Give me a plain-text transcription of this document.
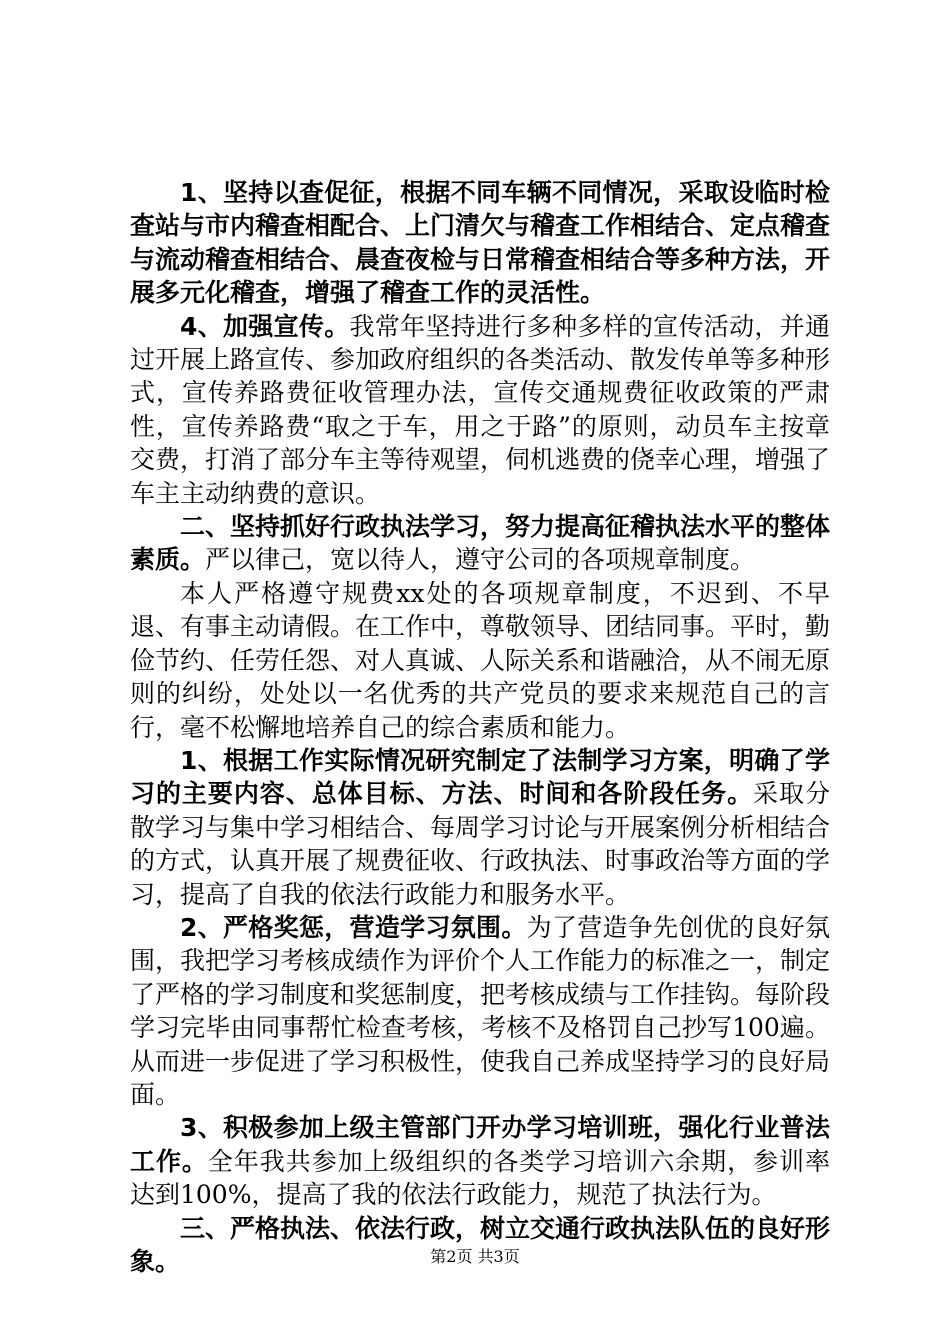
1、坚持以查促征，根据不同车辆不同情况，采取设临时检查站与市内稽查相配合、上门清欠与稽查工作相结合、定点稽查与流动稽查相结合、晨查夜检与日常稽查相结合等多种方法，开展多元化稽查，增强了稽查工作的灵活性。

4、加强宣传。我常年坚持进行多种多样的宣传活动，并通过开展上路宣传、参加政府组织的各类活动、散发传单等多种形式，宣传养路费征收管理办法，宣传交通规费征收政策的严肃性，宣传养路费“取之于车，用之于路”的原则，动员车主按章交费，打消了部分车主等待观望，伺机逃费的侥幸心理，增强了车主主动纳费的意识。

二、坚持抓好行政执法学习，努力提高征稽执法水平的整体素质。严以律己，宽以待人，遵守公司的各项规章制度。

本人严格遵守规费xx处的各项规章制度，不迟到、不早退、有事主动请假。在工作中，尊敬领导、团结同事。平时，勤俭节约、任劳任怨、对人真诚、人际关系和谐融洽，从不闹无原则的纠纷，处处以一名优秀的共产党员的要求来规范自己的言行，毫不松懈地培养自己的综合素质和能力。

1、根据工作实际情况研究制定了法制学习方案，明确了学习的主要内容、总体目标、方法、时间和各阶段任务。采取分散学习与集中学习相结合、每周学习讨论与开展案例分析相结合的方式，认真开展了规费征收、行政执法、时事政治等方面的学习，提高了自我的依法行政能力和服务水平。

2、严格奖惩，营造学习氛围。为了营造争先创优的良好氛围，我把学习考核成绩作为评价个人工作能力的标准之一，制定了严格的学习制度和奖惩制度，把考核成绩与工作挂钩。每阶段学习完毕由同事帮忙检查考核，考核不及格罚自己抄写100遍。从而进一步促进了学习积极性，使我自己养成坚持学习的良好局面。

3、积极参加上级主管部门开办学习培训班，强化行业普法工作。全年我共参加上级组织的各类学习培训六余期，参训率达到100%，提高了我的依法行政能力，规范了执法行为。

三、严格执法、依法行政，树立交通行政执法队伍的良好形象。	第2页 共3页
